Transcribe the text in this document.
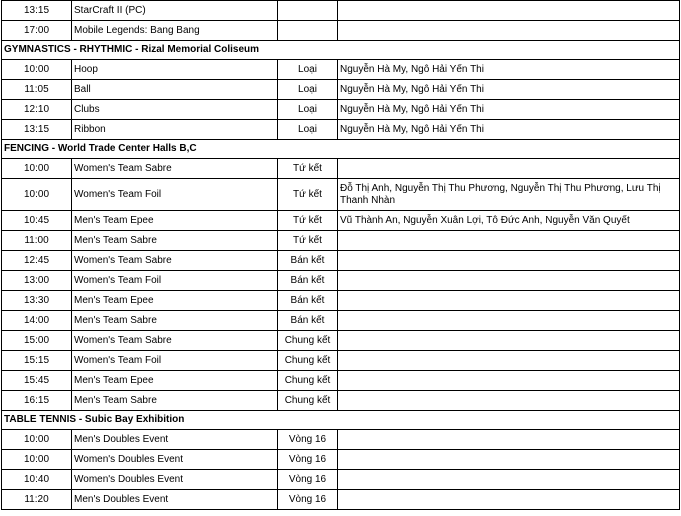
13:15	StarCraft II (PC)		
17:00	Mobile Legends: Bang Bang		
GYMNASTICS - RHYTHMIC - Rizal Memorial Coliseum			
10:00	Hoop	Loại	Nguyễn Hà My, Ngô Hải Yến Thi
11:05	Ball	Loại	Nguyễn Hà My, Ngô Hải Yến Thi
12:10	Clubs	Loại	Nguyễn Hà My, Ngô Hải Yến Thi
13:15	Ribbon	Loại	Nguyễn Hà My, Ngô Hải Yến Thi
FENCING - World Trade Center Halls B,C			
10:00	Women's Team Sabre	Tứ kết	
10:00	Women's Team Foil	Tứ kết	Đỗ Thị Anh, Nguyễn Thị Thu Phương, Nguyễn Thị Thu Phương, Lưu Thị Thanh Nhàn
10:45	Men's Team Epee	Tứ kết	Vũ Thành An, Nguyễn Xuân Lợi, Tô Đức Anh, Nguyễn Văn Quyết
11:00	Men's Team Sabre	Tứ kết	
12:45	Women's Team Sabre	Bán kết	
13:00	Women's Team Foil	Bán kết	
13:30	Men's Team Epee	Bán kết	
14:00	Men's Team Sabre	Bán kết	
15:00	Women's Team Sabre	Chung kết	
15:15	Women's Team Foil	Chung kết	
15:45	Men's Team Epee	Chung kết	
16:15	Men's Team Sabre	Chung kết	
TABLE TENNIS - Subic Bay Exhibition			
10:00	Men's Doubles Event	Vòng 16	
10:00	Women's Doubles Event	Vòng 16	
10:40	Women's Doubles Event	Vòng 16	
11:20	Men's Doubles Event	Vòng 16	
